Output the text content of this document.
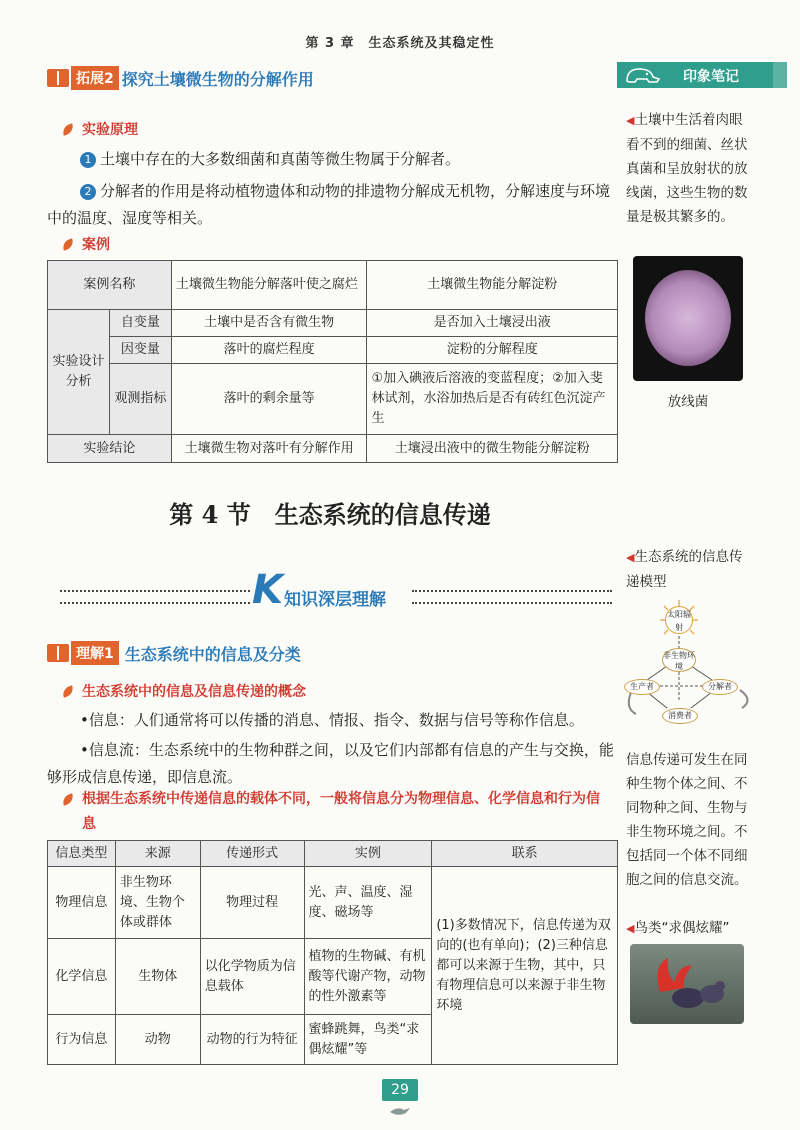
第 3 章　生态系统及其稳定性
印象笔记
拓展2 探究土壤微生物的分解作用
实验原理
1 土壤中存在的大多数细菌和真菌等微生物属于分解者。
2 分解者的作用是将动植物遗体和动物的排遗物分解成无机物，分解速度与环境中的温度、湿度等相关。
案例
案例名称		土壤微生物能分解落叶使之腐烂	土壤微生物能分解淀粉
实验设计分析	自变量	土壤中是否含有微生物	是否加入土壤浸出液
	因变量	落叶的腐烂程度	淀粉的分解程度
	观测指标	落叶的剩余量等	①加入碘液后溶液的变蓝程度；②加入斐林试剂，水浴加热后是否有砖红色沉淀产生
实验结论		土壤微生物对落叶有分解作用	土壤浸出液中的微生物能分解淀粉
◀土壤中生活着肉眼看不到的细菌、丝状真菌和呈放射状的放线菌，这些生物的数量是极其繁多的。
放线菌
第 4 节　生态系统的信息传递
K 知识深层理解
理解1 生态系统中的信息及分类
生态系统中的信息及信息传递的概念
•信息：人们通常将可以传播的消息、情报、指令、数据与信号等称作信息。
•信息流：生态系统中的生物种群之间，以及它们内部都有信息的产生与交换，能够形成信息传递，即信息流。
根据生态系统中传递信息的载体不同，一般将信息分为物理信息、化学信息和行为信息
信息类型	来源	传递形式	实例	联系
物理信息	非生物环境、生物个体或群体	物理过程	光、声、温度、湿度、磁场等	(1)多数情况下，信息传递为双向的(也有单向)；(2)三种信息都可以来源于生物，其中，只有物理信息可以来源于非生物环境
化学信息	生物体	以化学物质为信息载体	植物的生物碱、有机酸等代谢产物，动物的性外激素等	
行为信息	动物	动物的行为特征	蜜蜂跳舞，鸟类“求偶炫耀”等	
◀生态系统的信息传递模型
太阳辐射
非生物环境
生产者	分解者
消费者
信息传递可发生在同种生物个体之间、不同物种之间、生物与非生物环境之间。不包括同一个体不同细胞之间的信息交流。
◀鸟类“求偶炫耀”
29
